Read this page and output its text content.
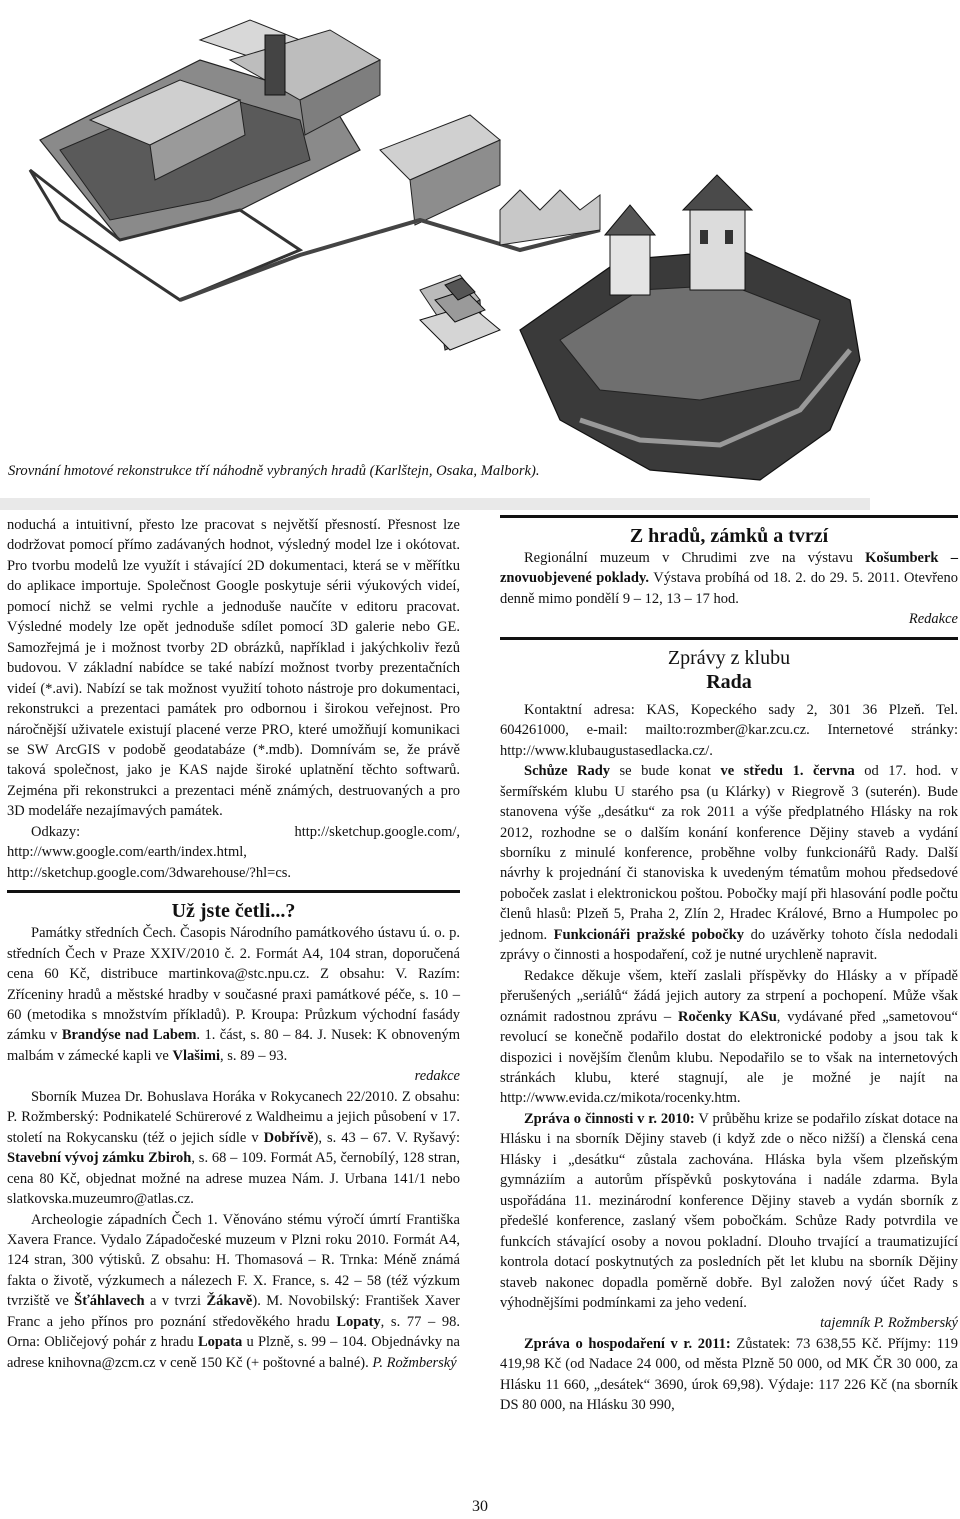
Srovnání hmotové rekonstrukce tří náhodně vybraných hradů (Karlštejn, Osaka, Malbork).

noduchá a intuitivní, přesto lze pracovat s největší přesností. Přesnost lze dodržovat pomocí přímo zadávaných hodnot, výsledný model lze i okótovat. Pro tvorbu modelů lze využít i stávající 2D dokumentaci, která se v měřítku do aplikace importuje. Společnost Google poskytuje sérii výukových videí, pomocí nichž se velmi rychle a jednoduše naučíte v editoru pracovat. Výsledné modely lze opět jednoduše sdílet pomocí 3D galerie nebo GE. Samozřejmá je i možnost tvorby 2D obrázků, například i jakýchkoliv řezů budovou. V základní nabídce se také nabízí možnost tvorby prezentačních videí (*.avi). Nabízí se tak možnost využití tohoto nástroje pro dokumentaci, rekonstrukci a prezentaci památek pro odbornou i širokou veřejnost. Pro náročnější uživatele existují placené verze PRO, které umožňují komunikaci se SW ArcGIS v podobě geodatabáze (*.mdb). Domnívám se, že právě taková společnost, jako je KAS najde široké uplatnění těchto softwarů. Zejména při rekonstrukci a prezentaci méně známých, destruovaných a pro 3D modeláře nezajímavých památek.

Odkazy: http://sketchup.google.com/, http://www.google.com/earth/index.html, http://sketchup.google.com/3dwarehouse/?hl=cs.

Už jste četli...?

Památky středních Čech. Časopis Národního památkového ústavu ú. o. p. středních Čech v Praze XXIV/2010 č. 2. Formát A4, 104 stran, doporučená cena 60 Kč, distribuce martinkova@stc.npu.cz. Z obsahu: V. Razím: Zříceniny hradů a městské hradby v současné praxi památkové péče, s. 10 – 60 (metodika s množstvím příkladů). P. Kroupa: Průzkum východní fasády zámku v Brandýse nad Labem. 1. část, s. 80 – 84. J. Nusek: K obnoveným malbám v zámecké kapli ve Vlašimi, s. 89 – 93.

redakce

Sborník Muzea Dr. Bohuslava Horáka v Rokycanech 22/2010. Z obsahu: P. Rožmberský: Podnikatelé Schürerové z Waldheimu a jejich působení v 17. století na Rokycansku (též o jejich sídle v Dobřívě), s. 43 – 67. V. Ryšavý: Stavební vývoj zámku Zbiroh, s. 68 – 109. Formát A5, černobílý, 128 stran, cena 80 Kč, objednat možné na adrese muzea Nám. J. Urbana 141/1 nebo slatkovska.muzeumro@atlas.cz.

Archeologie západních Čech 1. Věnováno stému výročí úmrtí Františka Xavera France. Vydalo Západočeské muzeum v Plzni roku 2010. Formát A4, 124 stran, 300 výtisků. Z obsahu: H. Thomasová – R. Trnka: Méně známá fakta o životě, výzkumech a nálezech F. X. France, s. 42 – 58 (též výzkum tvrziště ve Šťáhlavech a v tvrzi Žákavě). M. Novobilský: František Xaver Franc a jeho přínos pro poznání středověkého hradu Lopaty, s. 77 – 98. Orna: Obličejový pohár z hradu Lopata u Plzně, s. 99 – 104. Objednávky na adrese knihovna@zcm.cz v ceně 150 Kč (+ poštovné a balné). P. Rožmberský

Z hradů, zámků a tvrzí

Regionální muzeum v Chrudimi zve na výstavu Košumberk – znovuobjevené poklady. Výstava probíhá od 18. 2. do 29. 5. 2011. Otevřeno denně mimo pondělí 9 – 12, 13 – 17 hod.

Redakce

Zprávy z klubu
Rada

Kontaktní adresa: KAS, Kopeckého sady 2, 301 36 Plzeň. Tel. 604261000, e-mail: mailto:rozmber@kar.zcu.cz. Internetové stránky: http://www.klubaugustasedlacka.cz/.

Schůze Rady se bude konat ve středu 1. června od 17. hod. v šermířském klubu U starého psa (u Klárky) v Riegrově 3 (suterén). Bude stanovena výše „desátku“ za rok 2011 a výše předplatného Hlásky na rok 2012, rozhodne se o dalším konání konference Dějiny staveb a vydání sborníku z minulé konference, proběhne volby funkcionářů Rady. Další návrhy k projednání či stanoviska k uvedeným tématům mohou předsedové poboček zaslat i elektronickou poštou. Pobočky mají při hlasování podle počtu členů hlasů: Plzeň 5, Praha 2, Zlín 2, Hradec Králové, Brno a Humpolec po jednom. Funkcionáři pražské pobočky do uzávěrky tohoto čísla nedodali zprávy o činnosti a hospodaření, což je nutné urychleně napravit.

Redakce děkuje všem, kteří zaslali příspěvky do Hlásky a v případě přerušených „seriálů“ žádá jejich autory za strpení a pochopení. Může však oznámit radostnou zprávu – Ročenky KASu, vydávané před „sametovou“ revolucí se konečně podařilo dostat do elektronické podoby a jsou tak k dispozici i novějším členům klubu. Nepodařilo se to však na internetových stránkách klubu, které stagnují, ale je možné je najít na http://www.evida.cz/mikota/rocenky.htm.

Zpráva o činnosti v r. 2010: V průběhu krize se podařilo získat dotace na Hlásku i na sborník Dějiny staveb (i když zde o něco nižší) a členská cena Hlásky i „desátku“ zůstala zachována. Hláska byla všem plzeňským gymnáziím a autorům příspěvků poskytována i nadále zdarma. Byla uspořádána 11. mezinárodní konference Dějiny staveb a vydán sborník z předešlé konference, zaslaný všem pobočkám. Schůze Rady potvrdila ve funkcích stávající osoby a novou pokladní. Dlouho trvající a traumatizující kontrola dotací poskytnutých za posledních pět let klubu na sborník Dějiny staveb nakonec dopadla poměrně dobře. Byl založen nový účet Rady s výhodnějšími podmínkami za jeho vedení.

tajemník P. Rožmberský

Zpráva o hospodaření v r. 2011: Zůstatek: 73 638,55 Kč. Příjmy: 119 419,98 Kč (od Nadace 24 000, od města Plzně 50 000, od MK ČR 30 000, za Hlásku 11 660, „desátek“ 3690, úrok 69,98). Výdaje: 117 226 Kč (na sborník DS 80 000, na Hlásku 30 990,

30
